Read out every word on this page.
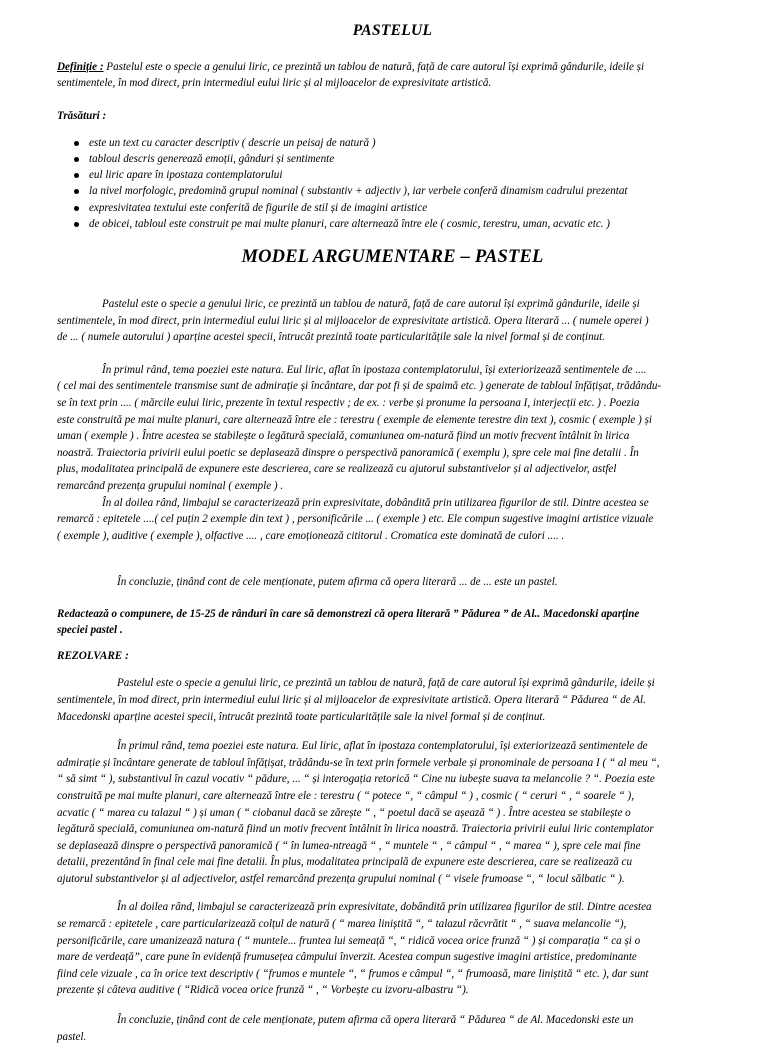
PASTELUL
Definiție : Pastelul este o specie a genului liric, ce prezintă un tablou de natură, față de care autorul își exprimă gândurile, ideile și
sentimentele, în mod direct, prin intermediul eului liric și al mijloacelor de expresivitate artistică.
Trăsături :
este un text cu caracter descriptiv ( descrie un peisaj de natură )
tabloul descris generează emoții, gânduri și sentimente
eul liric apare în ipostaza contemplatorului
la nivel morfologic, predomină grupul nominal ( substantiv + adjectiv ), iar verbele conferă dinamism cadrului prezentat
expresivitatea textului este conferită de figurile de stil și de imagini artistice
de obicei, tabloul este construit pe mai multe planuri, care alternează între ele ( cosmic, terestru, uman, acvatic etc. )
MODEL ARGUMENTARE – PASTEL
Pastelul este o specie a genului liric, ce prezintă un tablou de natură, față de care autorul își exprimă gândurile, ideile și
sentimentele, în mod direct, prin intermediul eului liric și al mijloacelor de expresivitate artistică. Opera literară ... ( numele operei )
de ... ( numele autorului ) aparține acestei specii, întrucât prezintă toate particularitățile sale la nivel formal și de conținut.
În primul rând, tema poeziei este natura. Eul liric, aflat în ipostaza contemplatorului, își exteriorizează sentimentele de ....
( cel mai des sentimentele transmise sunt de admirație și încântare, dar pot fi și de spaimă etc. ) generate de tabloul înfățișat, trădându-
se în text prin .... ( mărcile eului liric, prezente în textul respectiv ; de ex. : verbe și pronume la persoana I, interjecții etc. ) . Poezia
este construită pe mai multe planuri, care alternează între ele : terestru ( exemple de elemente terestre din text ), cosmic ( exemple ) și
uman ( exemple ) . Între acestea se stabilește o legătură specială, comuniunea om-natură fiind un motiv frecvent întâlnit în lirica
noastră. Traiectoria privirii eului poetic se deplasează dinspre o perspectivă panoramică ( exemplu ), spre cele mai fine detalii . În
plus, modalitatea principală de expunere este descrierea, care se realizează cu ajutorul substantivelor și al adjectivelor, astfel
remarcând prezența grupului nominal ( exemple ) .
În al doilea rând, limbajul se caracterizează prin expresivitate, dobândită prin utilizarea figurilor de stil. Dintre acestea se
remarcă : epitetele ....( cel puțin 2 exemple din text ) , personificările ... ( exemple ) etc. Ele compun sugestive imagini artistice vizuale
( exemple ), auditive ( exemple ), olfactive .... , care emoționează cititorul . Cromatica este dominată de culori .... .
În concluzie, ținând cont de cele menționate, putem afirma că opera literară ... de ... este un pastel.
Redactează o compunere, de 15-25 de rânduri în care să demonstrezi că opera literară ” Pădurea ” de Al.. Macedonski aparține
speciei pastel .
REZOLVARE :
Pastelul este o specie a genului liric, ce prezintă un tablou de natură, față de care autorul își exprimă gândurile, ideile și
sentimentele, în mod direct, prin intermediul eului liric și al mijloacelor de expresivitate artistică. Opera literară “ Pădurea “ de Al.
Macedonski aparține acestei specii, întrucât prezintă toate particularitățile sale la nivel formal și de conținut.
În primul rând, tema poeziei este natura. Eul liric, aflat în ipostaza contemplatorului, își exteriorizează sentimentele de
admirație și încântare generate de tabloul înfățișat, trădându-se în text prin formele verbale și pronominale de persoana I ( “ al meu “,
“ să simt “ ), substantivul în cazul vocativ “ pădure, ... “ și interogația retorică “ Cine nu iubește suava ta melancolie ? “. Poezia este
construită pe mai multe planuri, care alternează între ele : terestru ( “ potece “, “ câmpul “ ) , cosmic ( “ ceruri “ , “ soarele “ ),
acvatic ( “ marea cu talazul “ ) și uman ( “ ciobanul dacă se zărește “ , “ poetul dacă se așează “ ) . Între acestea se stabilește o
legătură specială, comuniunea om-natură fiind un motiv frecvent întâlnit în lirica noastră. Traiectoria privirii eului liric contemplator
se deplasează dinspre o perspectivă panoramică ( “ în lumea-ntreagă “ , “ muntele “ , “ câmpul “ , “ marea “ ), spre cele mai fine
detalii, prezentând în final cele mai fine detalii. În plus, modalitatea principală de expunere este descrierea, care se realizează cu
ajutorul substantivelor și al adjectivelor, astfel remarcând prezența grupului nominal ( “ visele frumoase “, “ locul sălbatic “ ).
În al doilea rând, limbajul se caracterizează prin expresivitate, dobândită prin utilizarea figurilor de stil. Dintre acestea
se remarcă : epitetele , care particularizează colțul de natură ( “ marea liniștită “, “ talazul răcvrătit “ , “ suava melancolie “),
personificările, care umanizează natura ( “ muntele... fruntea lui semeață “, “ ridică vocea orice frunză “ ) și comparația “ ca și o
mare de verdeață”, care pune în evidență frumusețea câmpului înverzit. Acestea compun sugestive imagini artistice, predominante
fiind cele vizuale , ca în orice text descriptiv ( “frumos e muntele “, “ frumos e câmpul “, “ frumoasă, mare liniștită “ etc. ), dar sunt
prezente și câteva auditive ( “Ridică vocea orice frunză “ , “ Vorbește cu izvoru-albastru “).
În concluzie, ținând cont de cele menționate, putem afirma că opera literară “ Pădurea “ de Al. Macedonski este un
pastel.
